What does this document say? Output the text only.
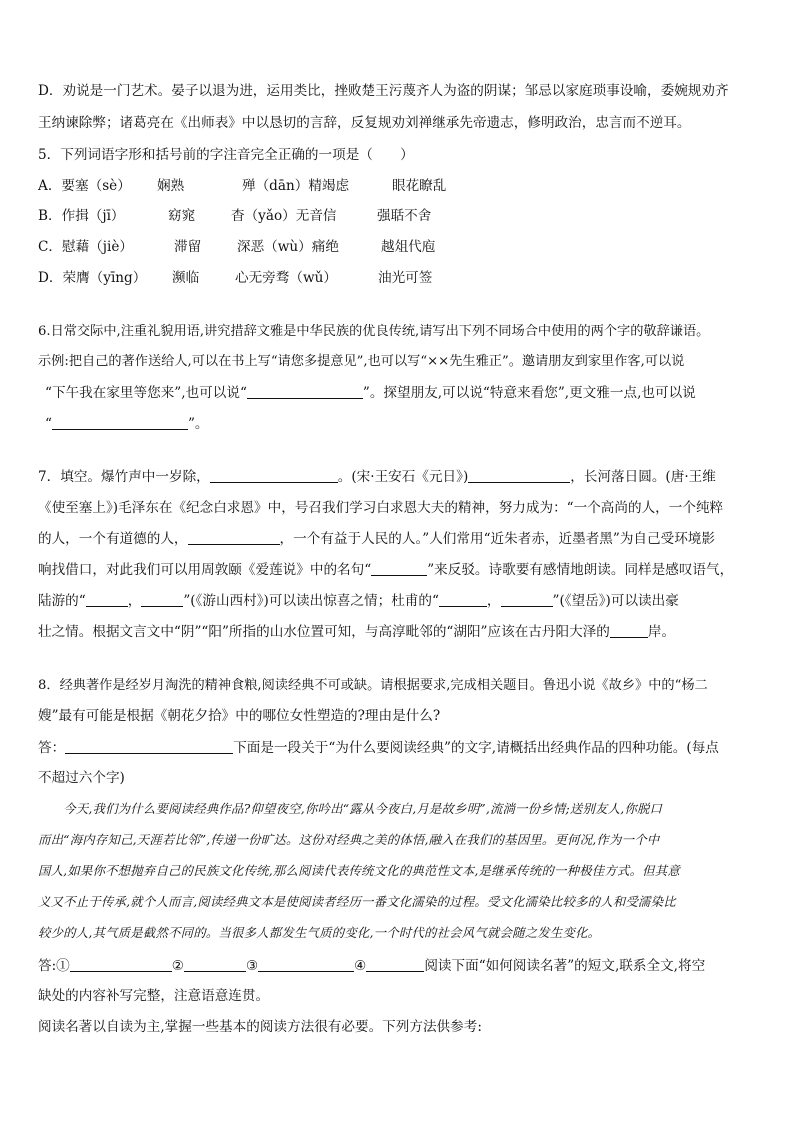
D．劝说是一门艺术。晏子以退为进，运用类比，挫败楚王污蔑齐人为盗的阴谋；邹忌以家庭琐事设喻，委婉规劝齐
王纳谏除弊；诸葛亮在《出师表》中以恳切的言辞，反复规劝刘禅继承先帝遗志，修明政治，忠言而不逆耳。
5．下列词语字形和括号前的字注音完全正确的一项是（　　）
A．要塞（sè） 娴熟	殚（dān）精竭虑	眼花瞭乱
B．作揖（jī）	窈窕	杳（yǎo）无音信	强聒不舍
C．慰藉（jiè）	滞留	深恶（wù）痛绝	越俎代庖
D．荣膺（yīng） 濒临	心无旁骛（wǔ）	油光可签
6.日常交际中,注重礼貌用语,讲究措辞文雅是中华民族的优良传统,请写出下列不同场合中使用的两个字的敬辞谦语。
示例:把自己的著作送给人,可以在书上写“请您多提意见”,也可以写“××先生雅正”。邀请朋友到家里作客,可以说
“下午我在家里等您来”,也可以说“	”。探望朋友,可以说“特意来看您”,更文雅一点,也可以说
“	”。
7．填空。爆竹声中一岁除，	。(宋·王安石《元日》)	，长河落日圆。(唐·王维
《使至塞上》)毛泽东在《纪念白求恩》中，号召我们学习白求恩大夫的精神，努力成为：“一个高尚的人，一个纯粹
的人，一个有道德的人，	，一个有益于人民的人。”人们常用“近朱者赤，近墨者黑”为自己受环境影
响找借口，对此我们可以用周敦颐《爱莲说》中的名句“	”来反驳。诗歌要有感情地朗读。同样是感叹语气，
陆游的“	，	”(《游山西村》)可以读出惊喜之情；杜甫的“	，	”(《望岳》)可以读出豪
壮之情。根据文言文中“阴”“阳”所指的山水位置可知，与高淳毗邻的“湖阳”应该在古丹阳大泽的	岸。
8．经典著作是经岁月淘洗的精神食粮,阅读经典不可或缺。请根据要求,完成相关题目。鲁迅小说《故乡》中的“杨二
嫂”最有可能是根据《朝花夕拾》中的哪位女性塑造的?理由是什么?
答：	下面是一段关于“为什么要阅读经典”的文字,请概括出经典作品的四种功能。(每点
不超过六个字)
　　今天,我们为什么要阅读经典作品?仰望夜空,你吟出“露从今夜白,月是故乡明”,流淌一份乡情;送别友人,你脱口
而出“海内存知己,天涯若比邻”,传递一份旷达。这份对经典之美的体悟,融入在我们的基因里。更何况,作为一个中
国人,如果你不想抛弃自己的民族文化传统,那么阅读代表传统文化的典范性文本,是继承传统的一种极佳方式。但其意
义又不止于传承,就个人而言,阅读经典文本是使阅读者经历一番文化濡染的过程。受文化濡染比较多的人和受濡染比
较少的人,其气质是截然不同的。当很多人都发生气质的变化,一个时代的社会风气就会随之发生变化。
答:①	②	③	④	阅读下面“如何阅读名著”的短文,联系全文,将空
缺处的内容补写完整，注意语意连贯。
阅读名著以自读为主,掌握一些基本的阅读方法很有必要。下列方法供参考:
